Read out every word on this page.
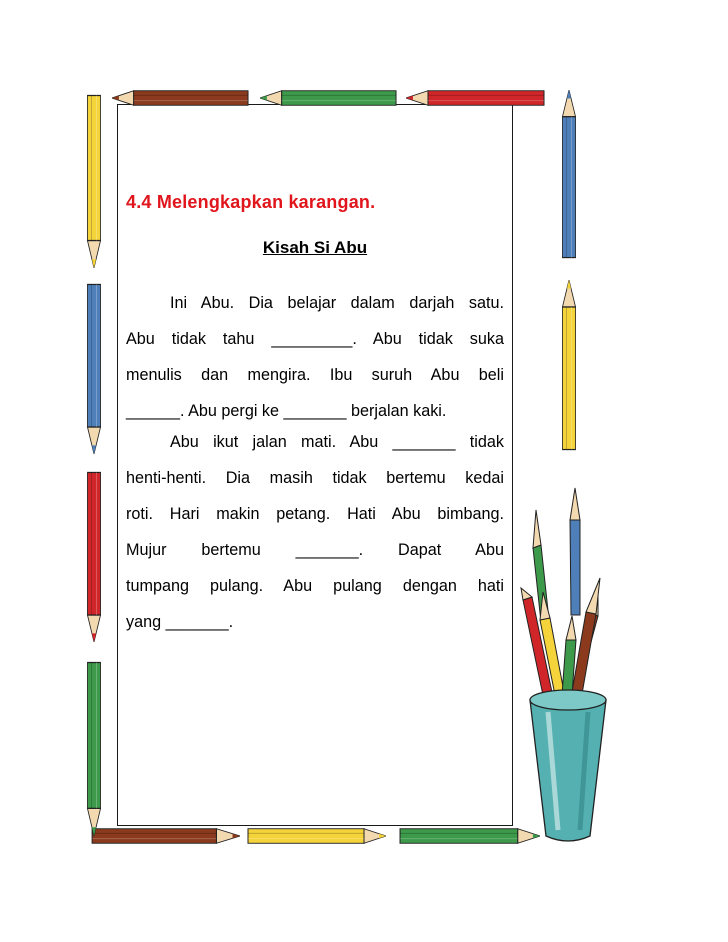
4.4 Melengkapkan karangan.
Kisah Si Abu
Ini Abu. Dia belajar dalam darjah satu.
Abu tidak tahu _________. Abu tidak suka
menulis dan mengira. Ibu suruh Abu beli
______. Abu pergi ke _______ berjalan kaki.
Abu ikut jalan mati. Abu _______ tidak
henti-henti. Dia masih tidak bertemu kedai
roti. Hari makin petang. Hati Abu bimbang.
Mujur bertemu _______. Dapat Abu
tumpang pulang. Abu pulang dengan hati
yang _______.
